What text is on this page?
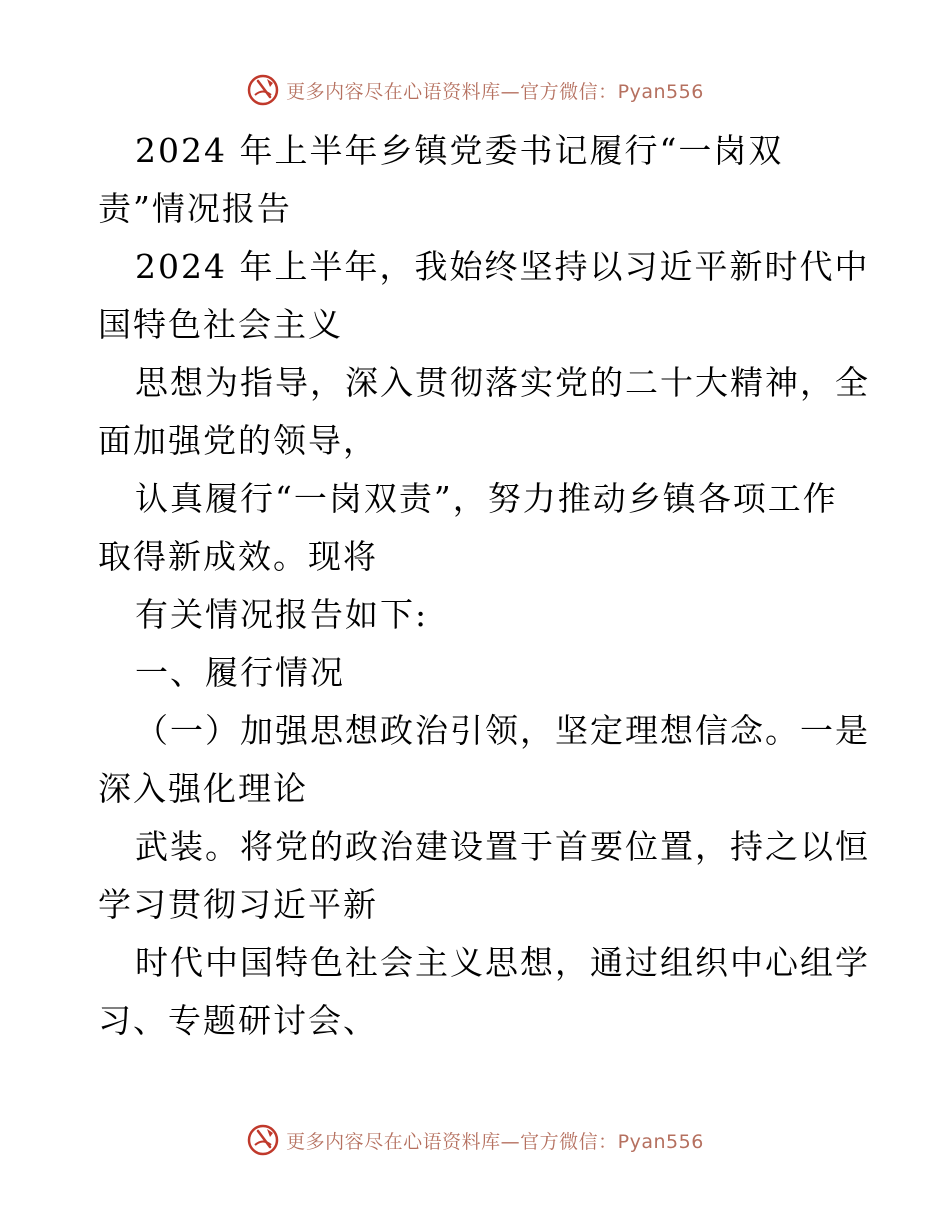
更多内容尽在心语资料库—官方微信：Pyan556
2024 年上半年乡镇党委书记履行“一岗双
责”情况报告
2024 年上半年，我始终坚持以习近平新时代中
国特色社会主义
思想为指导，深入贯彻落实党的二十大精神，全
面加强党的领导，
认真履行“一岗双责”，努力推动乡镇各项工作
取得新成效。现将
有关情况报告如下:
一、履行情况
（一）加强思想政治引领，坚定理想信念。一是
深入强化理论
武装。将党的政治建设置于首要位置，持之以恒
学习贯彻习近平新
时代中国特色社会主义思想，通过组织中心组学
习、专题研讨会、
更多内容尽在心语资料库—官方微信：Pyan556
